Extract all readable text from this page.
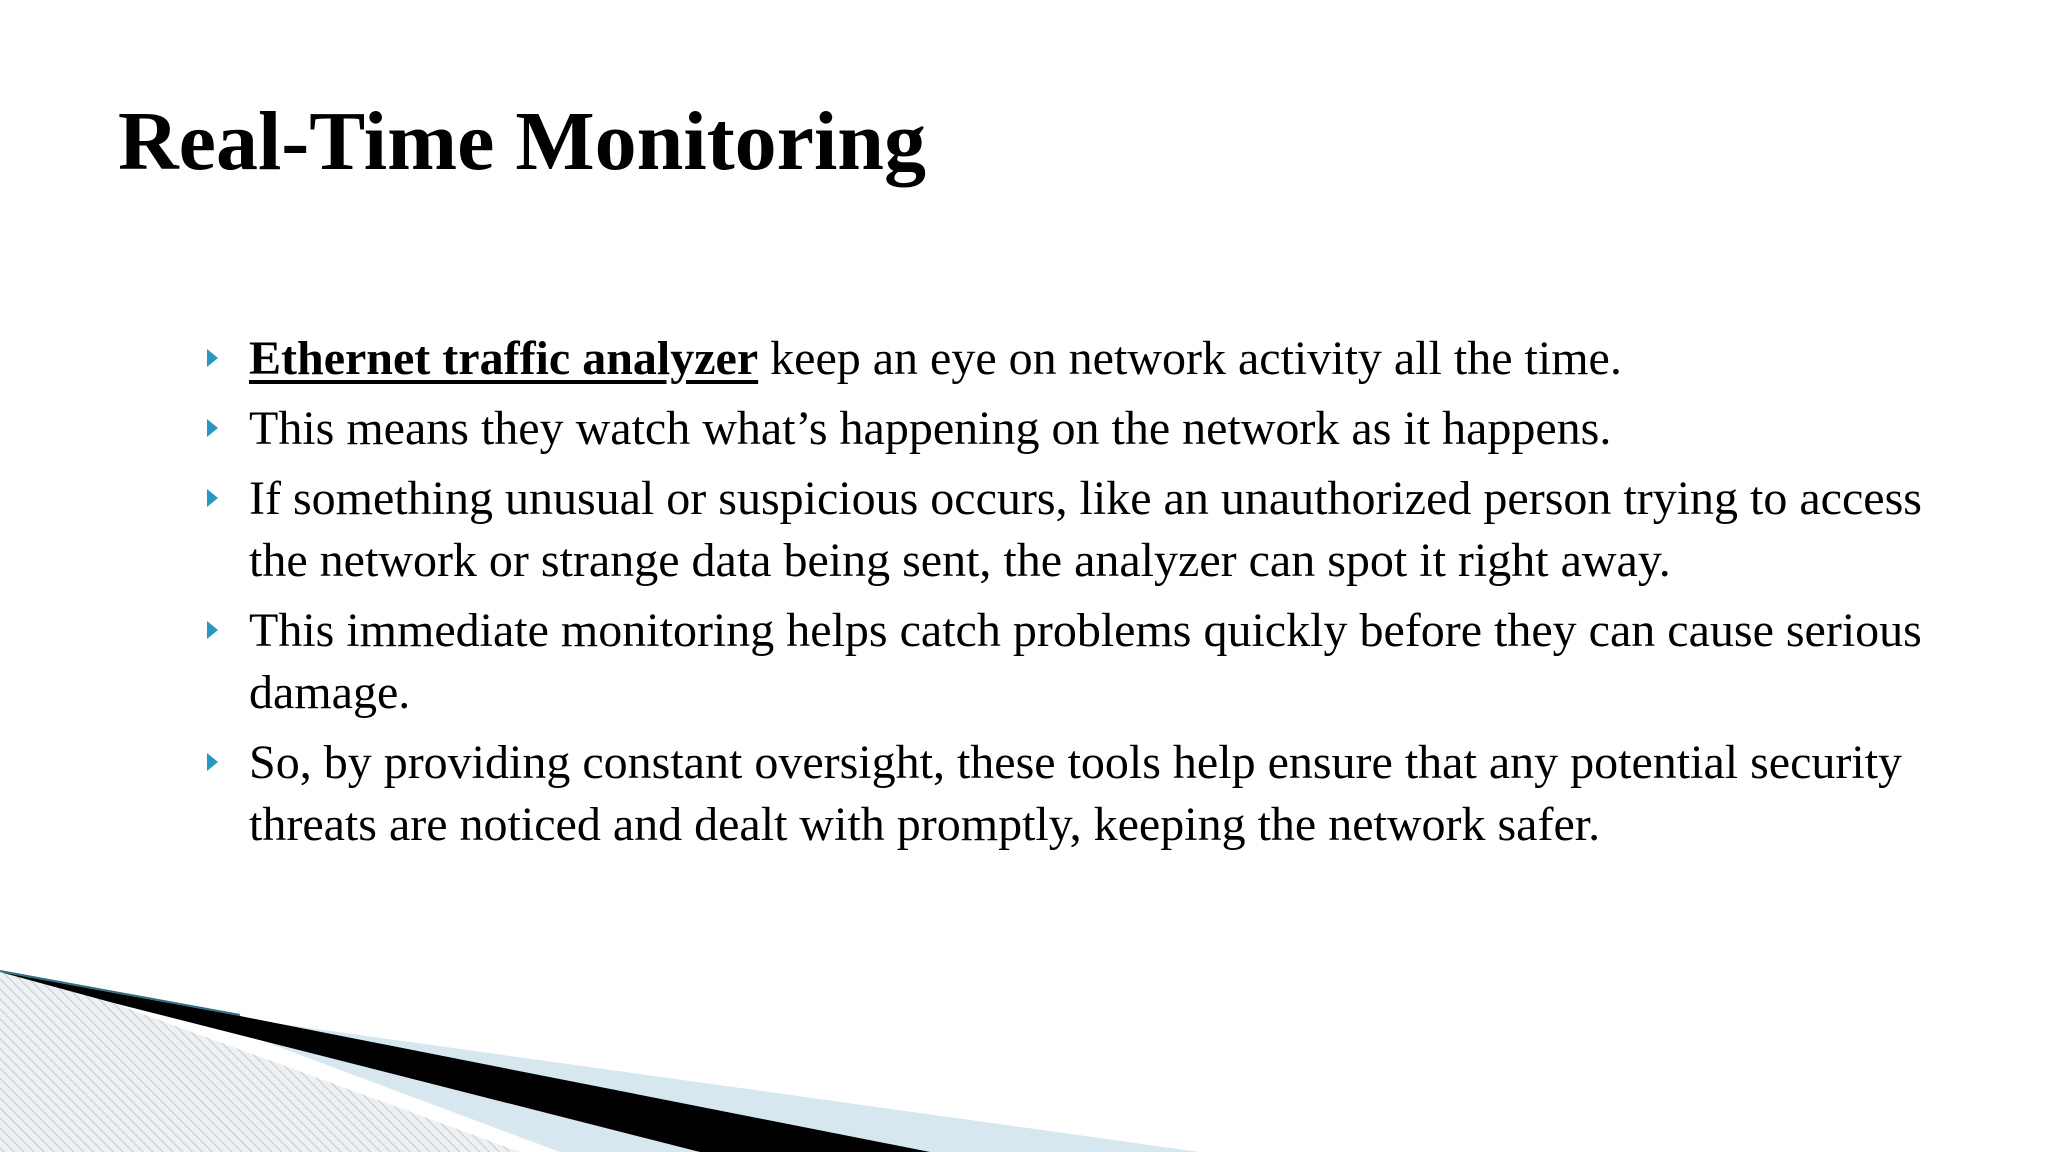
Real-Time Monitoring
Ethernet traffic analyzer keep an eye on network activity all the time.
This means they watch what’s happening on the network as it happens.
If something unusual or suspicious occurs, like an unauthorized person trying to access the network or strange data being sent, the analyzer can spot it right away.
This immediate monitoring helps catch problems quickly before they can cause serious damage.
So, by providing constant oversight, these tools help ensure that any potential security threats are noticed and dealt with promptly, keeping the network safer.
